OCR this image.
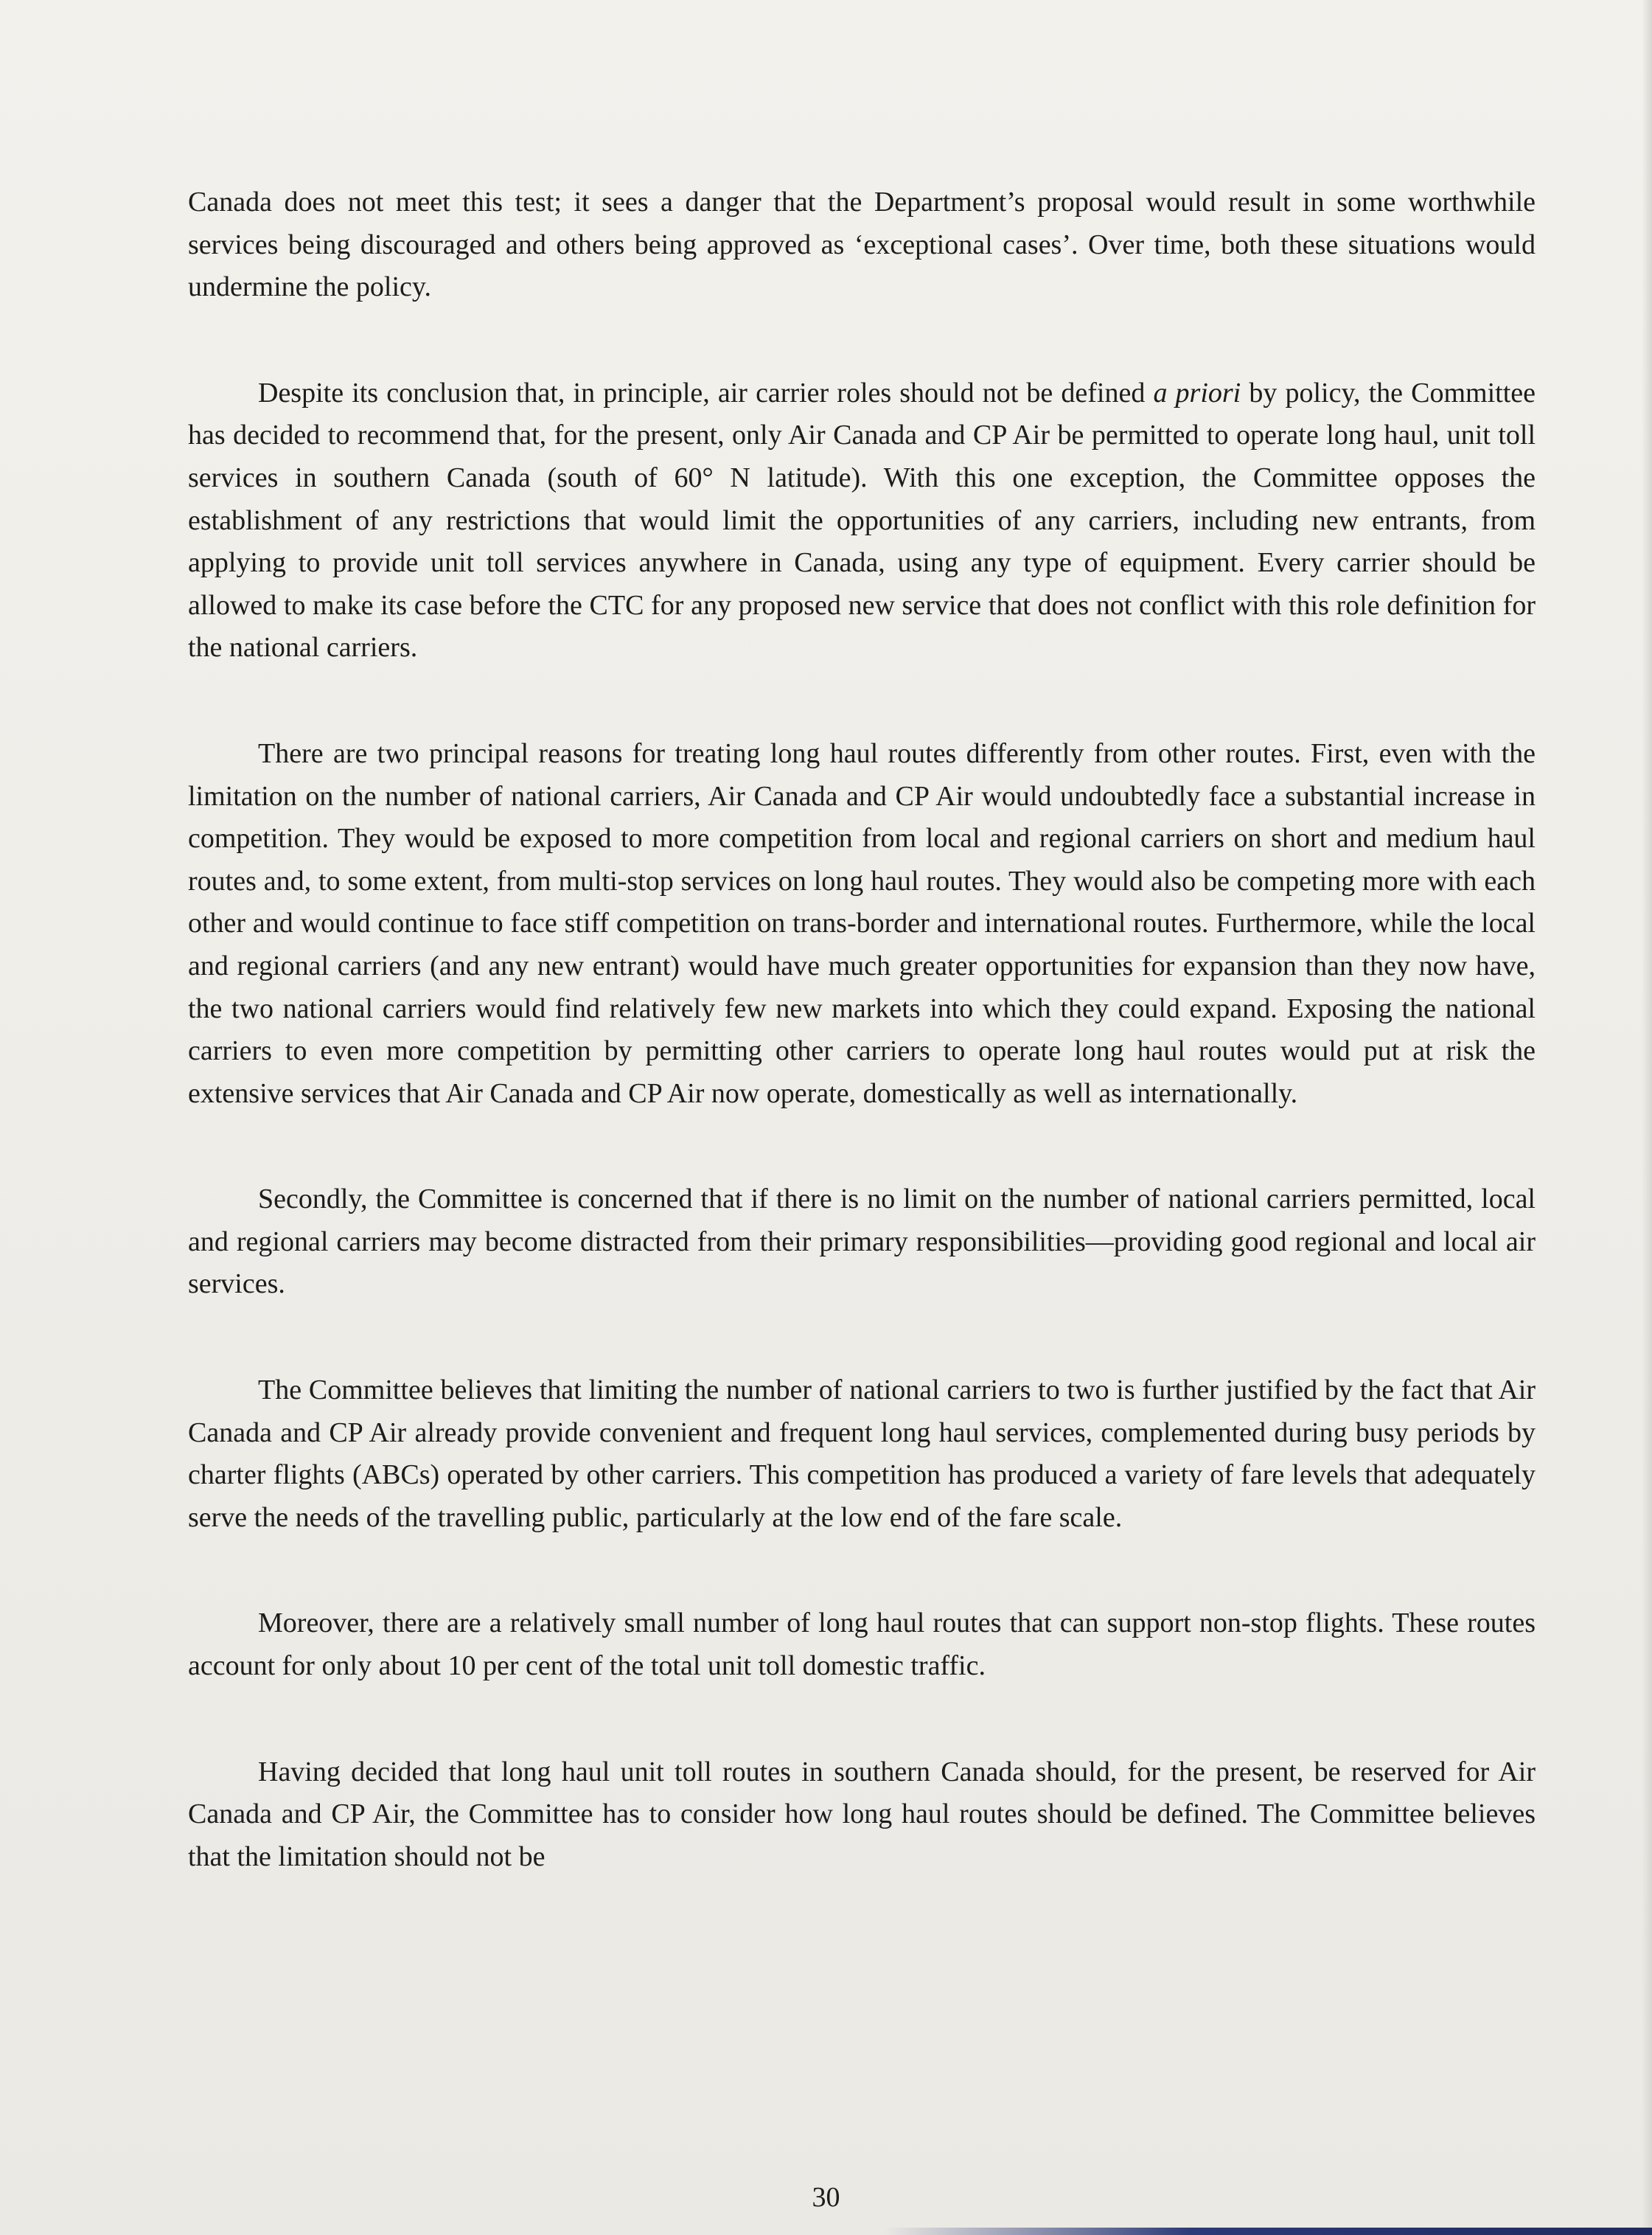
Canada does not meet this test; it sees a danger that the Department’s proposal would result in some worthwhile services being discouraged and others being approved as ‘exceptional cases’. Over time, both these situations would undermine the policy.

Despite its conclusion that, in principle, air carrier roles should not be defined a priori by policy, the Committee has decided to recommend that, for the present, only Air Canada and CP Air be permitted to operate long haul, unit toll services in southern Canada (south of 60° N latitude). With this one exception, the Committee opposes the establishment of any restrictions that would limit the opportunities of any carriers, including new entrants, from applying to provide unit toll services anywhere in Canada, using any type of equipment. Every carrier should be allowed to make its case before the CTC for any proposed new service that does not conflict with this role definition for the national carriers.

There are two principal reasons for treating long haul routes differently from other routes. First, even with the limitation on the number of national carriers, Air Canada and CP Air would undoubtedly face a substantial increase in competition. They would be exposed to more competition from local and regional carriers on short and medium haul routes and, to some extent, from multi-stop services on long haul routes. They would also be competing more with each other and would continue to face stiff competition on trans-border and international routes. Furthermore, while the local and regional carriers (and any new entrant) would have much greater opportunities for expansion than they now have, the two national carriers would find relatively few new markets into which they could expand. Exposing the national carriers to even more competition by permitting other carriers to operate long haul routes would put at risk the extensive services that Air Canada and CP Air now operate, domestically as well as internationally.

Secondly, the Committee is concerned that if there is no limit on the number of national carriers permitted, local and regional carriers may become distracted from their primary responsibilities—providing good regional and local air services.

The Committee believes that limiting the number of national carriers to two is further justified by the fact that Air Canada and CP Air already provide convenient and frequent long haul services, complemented during busy periods by charter flights (ABCs) operated by other carriers. This competition has produced a variety of fare levels that adequately serve the needs of the travelling public, particularly at the low end of the fare scale.

Moreover, there are a relatively small number of long haul routes that can support non-stop flights. These routes account for only about 10 per cent of the total unit toll domestic traffic.

Having decided that long haul unit toll routes in southern Canada should, for the present, be reserved for Air Canada and CP Air, the Committee has to consider how long haul routes should be defined. The Committee believes that the limitation should not be

30
